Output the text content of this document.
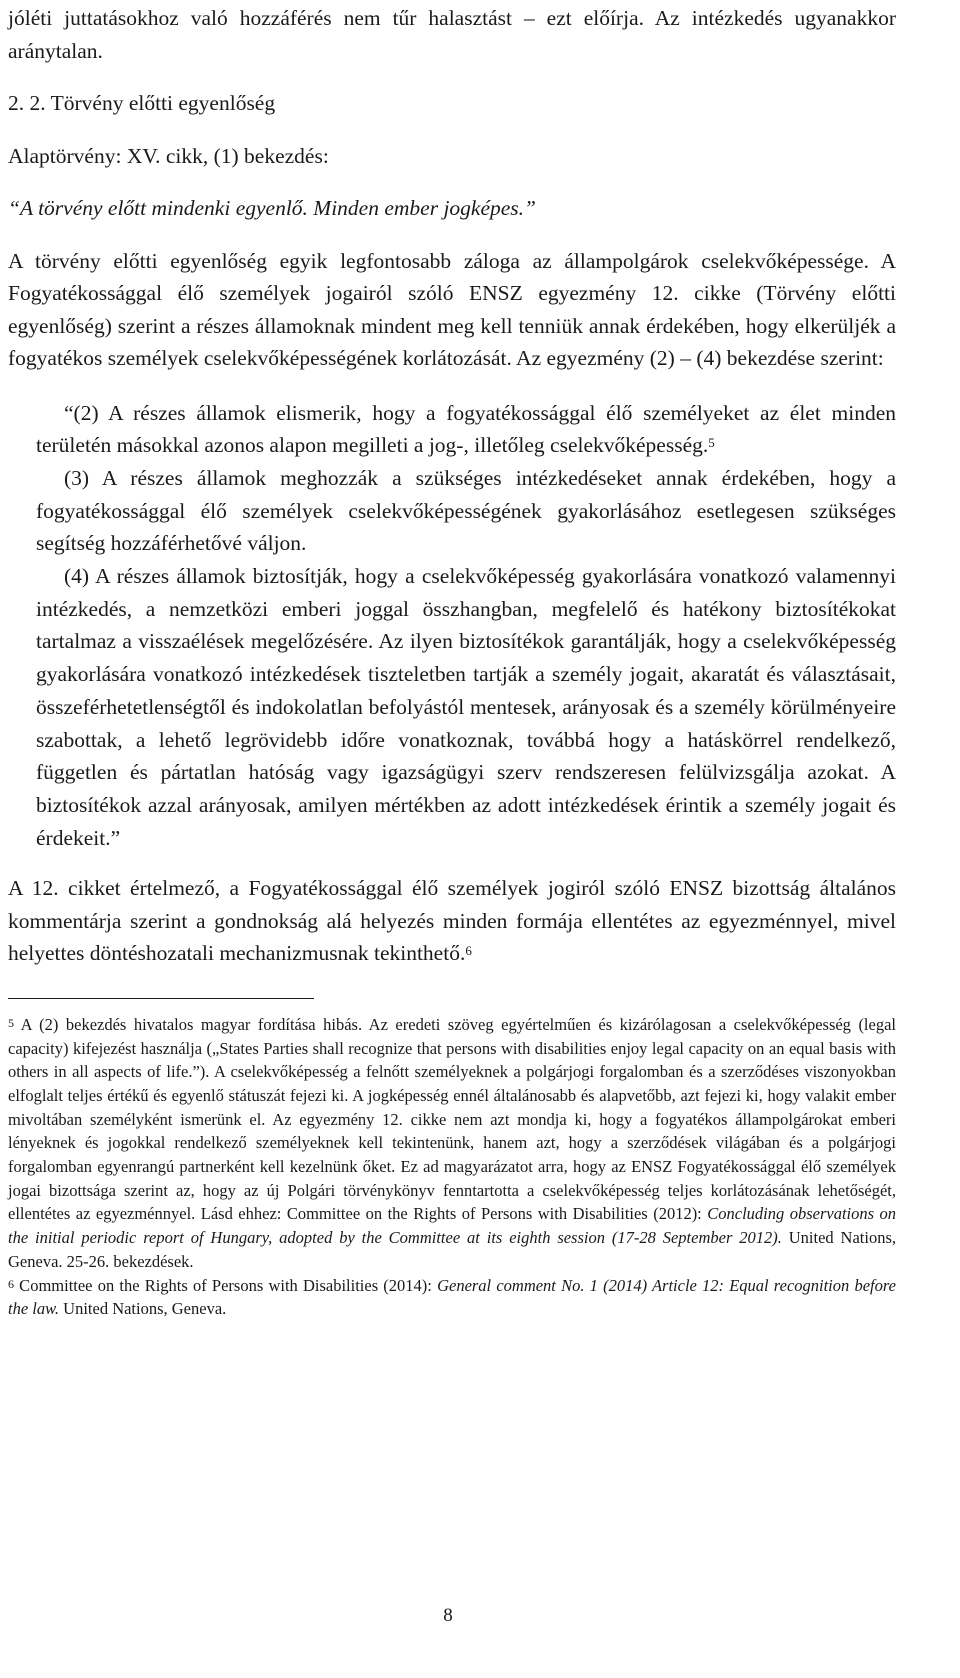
jóléti juttatásokhoz való hozzáférés nem tűr halasztást – ezt előírja. Az intézkedés ugyanakkor aránytalan.

2. 2. Törvény előtti egyenlőség

Alaptörvény: XV. cikk, (1) bekezdés:

“A törvény előtt mindenki egyenlő. Minden ember jogképes.”

A törvény előtti egyenlőség egyik legfontosabb záloga az állampolgárok cselekvőképessége. A Fogyatékossággal élő személyek jogairól szóló ENSZ egyezmény 12. cikke (Törvény előtti egyenlőség) szerint a részes államoknak mindent meg kell tenniük annak érdekében, hogy elkerüljék a fogyatékos személyek cselekvőképességének korlátozását. Az egyezmény (2) – (4) bekezdése szerint:

“(2) A részes államok elismerik, hogy a fogyatékossággal élő személyeket az élet minden területén másokkal azonos alapon megilleti a jog-, illetőleg cselekvőképesség.$^5$

(3) A részes államok meghozzák a szükséges intézkedéseket annak érdekében, hogy a fogyatékossággal élő személyek cselekvőképességének gyakorlásához esetlegesen szükséges segítség hozzáférhetővé váljon.

(4) A részes államok biztosítják, hogy a cselekvőképesség gyakorlására vonatkozó valamennyi intézkedés, a nemzetközi emberi joggal összhangban, megfelelő és hatékony biztosítékokat tartalmaz a visszaélések megelőzésére. Az ilyen biztosítékok garantálják, hogy a cselekvőképesség gyakorlására vonatkozó intézkedések tiszteletben tartják a személy jogait, akaratát és választásait, összeférhetetlenségtől és indokolatlan befolyástól mentesek, arányosak és a személy körülményeire szabottak, a lehető legrövidebb időre vonatkoznak, továbbá hogy a hatáskörrel rendelkező, független és pártatlan hatóság vagy igazságügyi szerv rendszeresen felülvizsgálja azokat. A biztosítékok azzal arányosak, amilyen mértékben az adott intézkedések érintik a személy jogait és érdekeit.”

A 12. cikket értelmező, a Fogyatékossággal élő személyek jogiról szóló ENSZ bizottság általános kommentárja szerint a gondnokság alá helyezés minden formája ellentétes az egyezménnyel, mivel helyettes döntéshozatali mechanizmusnak tekinthető.$^6$

$^5$ A (2) bekezdés hivatalos magyar fordítása hibás. Az eredeti szöveg egyértelműen és kizárólagosan a cselekvőképesség (legal capacity) kifejezést használja („States Parties shall recognize that persons with disabilities enjoy legal capacity on an equal basis with others in all aspects of life.”). A cselekvőképesség a felnőtt személyeknek a polgárjogi forgalomban és a szerződéses viszonyokban elfoglalt teljes értékű és egyenlő státuszát fejezi ki. A jogképesség ennél általánosabb és alapvetőbb, azt fejezi ki, hogy valakit ember mivoltában személyként ismerünk el. Az egyezmény 12. cikke nem azt mondja ki, hogy a fogyatékos állampolgárokat emberi lényeknek és jogokkal rendelkező személyeknek kell tekintenünk, hanem azt, hogy a szerződések világában és a polgárjogi forgalomban egyenrangú partnerként kell kezelnünk őket. Ez ad magyarázatot arra, hogy az ENSZ Fogyatékossággal élő személyek jogai bizottsága szerint az, hogy az új Polgári törvénykönyv fenntartotta a cselekvőképesség teljes korlátozásának lehetőségét, ellentétes az egyezménnyel. Lásd ehhez: Committee on the Rights of Persons with Disabilities (2012): Concluding observations on the initial periodic report of Hungary, adopted by the Committee at its eighth session (17-28 September 2012). United Nations, Geneva. 25-26. bekezdések.

$^6$ Committee on the Rights of Persons with Disabilities (2014): General comment No. 1 (2014) Article 12: Equal recognition before the law. United Nations, Geneva.

8
